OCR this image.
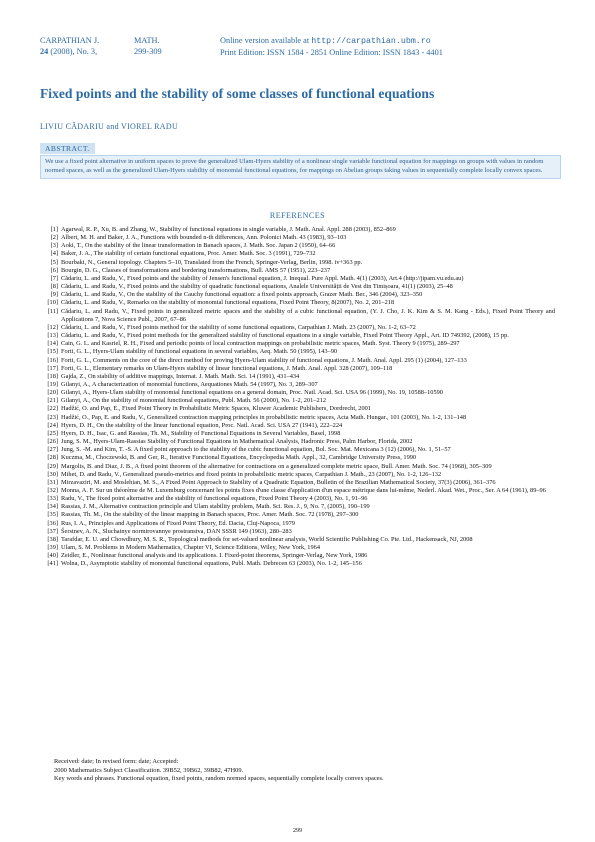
CARPATHIAN J.
24 (2008), No. 3,
MATH.
299-309
Online version available at http://carpathian.ubm.ro
Print Edition: ISSN 1584 - 2851 Online Edition: ISSN 1843 - 4401
Fixed points and the stability of some classes of functional equations
LIVIU CĂDARIU and VIOREL RADU
ABSTRACT.
We use a fixed point alternative in uniform spaces to prove the generalized Ulam-Hyers stability of a nonlinear single variable functional equation for mappings on groups with values in random normed spaces, as well as the generalized Ulam-Hyers stability of monomial functional equations, for mappings on Abelian groups taking values in sequentially complete locally convex spaces.
REFERENCES
[1] Agarwal, R. P., Xu, B. and Zhang, W., Stability of functional equations in single variable, J. Math. Anal. Appl. 288 (2003), 852–869
[2] Albert, M. H. and Baker, J. A., Functions with bounded n-th differences, Ann. Polonici Math. 43 (1983), 93–103
[3] Aoki, T., On the stability of the linear transformation in Banach spaces, J. Math. Soc. Japan 2 (1950), 64–66
[4] Baker, J. A., The stability of certain functional equations, Proc. Amer. Math. Soc. 3 (1991), 729–732
[5] Bourbaki, N., General topology. Chapters 5–10, Translated from the French, Springer-Verlag, Berlin, 1998. iv+363 pp.
[6] Bourgin, D. G., Classes of transformations and bordering transformations, Bull. AMS 57 (1951), 223–237
[7] Cădariu, L. and Radu, V., Fixed points and the stability of Jensen's functional equation, J. Inequal. Pure Appl. Math. 4(1) (2003), Art.4 (http://jipam.vu.edu.au)
[8] Cădariu, L. and Radu, V., Fixed points and the stability of quadratic functional equations, Analele Universității de Vest din Timișoara, 41(1) (2003), 25–48
[9] Cădariu, L. and Radu, V., On the stability of the Cauchy functional equation: a fixed points approach, Grazer Math. Ber., 346 (2004), 323–350
[10] Cădariu, L. and Radu, V., Remarks on the stability of monomial functional equations, Fixed Point Theory, 8(2007), No. 2, 201–218
[11] Cădariu, L. and Radu, V., Fixed points in generalized metric spaces and the stability of a cubic functional equation, (Y. J. Cho, J. K. Kim & S. M. Kang - Eds.), Fixed Point Theory and Applications 7, Nova Science Publ., 2007, 67–86
[12] Cădariu, L. and Radu, V., Fixed points method for the stability of some functional equations, Carpathian J. Math. 23 (2007), No. 1-2, 63–72
[13] Cădariu, L. and Radu, V., Fixed point methods for the generalized stability of functional equations in a single variable, Fixed Point Theory Appl., Art. ID 749392, (2008), 15 pp.
[14] Cain, G. L. and Kasriel, R. H., Fixed and periodic points of local contraction mappings on probabilistic metric spaces, Math. Syst. Theory 9 (1975), 289–297
[15] Forti, G. L., Hyers-Ulam stability of functional equations in several variables, Aeq. Math. 50 (1995), 143–90
[16] Forti, G. L., Comments on the core of the direct method for proving Hyers-Ulam stability of functional equations, J. Math. Anal. Appl. 295 (1) (2004), 127–133
[17] Forti, G. L., Elementary remarks on Ulam-Hyers stability of linear functional equations, J. Math. Anal. Appl. 328 (2007), 109–118
[18] Gajda, Z., On stability of additive mappings, Internat. J. Math. Math. Sci. 14 (1991), 431–434
[19] Gilanyi, A., A characterization of monomial functions, Aequationes Math. 54 (1997), No. 3, 289–307
[20] Gilanyi, A., Hyers-Ulam stability of monomial functional equations on a general domain, Proc. Natl. Acad. Sci. USA 96 (1999), No. 19, 10588–10590
[21] Gilanyi, A., On the stability of monomial functional equations, Publ. Math. 56 (2000), No. 1-2, 201–212
[22] Hadžić, O. and Pap, E., Fixed Point Theory in Probabilistic Metric Spaces, Kluwer Academic Publishers, Dordrecht, 2001
[23] Hadžić, O., Pap, E. and Radu, V., Generalized contraction mapping principles in probabilistic metric spaces, Acta Math. Hungar., 101 (2003), No. 1-2, 131–148
[24] Hyers, D. H., On the stability of the linear functional equation, Proc. Natl. Acad. Sci. USA 27 (1941), 222–224
[25] Hyers, D. H., Isac, G. and Rassias, Th. M., Stability of Functional Equations in Several Variables, Basel, 1998
[26] Jung, S. M., Hyers-Ulam-Rassias Stability of Functional Equations in Mathematical Analysis, Hadronic Press, Palm Harbor, Florida, 2002
[27] Jung, S. -M. and Kim, T. -S. A fixed point approach to the stability of the cubic functional equation, Bol. Soc. Mat. Mexicana 3 (12) (2006), No. 1, 51–57
[28] Kuczma, M., Choczewski, B. and Ger, R., Iterative Functional Equations, Encyclopedia Math. Appl., 32, Cambridge University Press, 1990
[29] Margolis, B. and Diaz, J. B., A fixed point theorem of the alternative for contractions on a generalized complete metric space, Bull. Amer. Math. Soc. 74 (1968), 305–309
[30] Mihet, D. and Radu, V., Generalized pseudo-metrics and fixed points in probabilistic metric spaces, Carpathian J. Math., 23 (2007), No. 1-2, 126–132
[31] Mirzavaziri, M. and Moslehian, M. S., A Fixed Point Approach to Stability of a Quadratic Equation, Bulletin of the Brazilian Mathematical Society, 37(3) (2006), 361–376
[32] Monna, A. F. Sur un théorème de M. Luxemburg concernant les points fixes d'une classe d'application d'un espace métrique dans lui-même, Nederl. Akad. Wet., Proc., Ser. A 64 (1961), 89–96
[33] Radu, V., The fixed point alternative and the stability of functional equations, Fixed Point Theory 4 (2003), No. 1, 91–96
[34] Rassias, J. M., Alternative contraction principle and Ulam stability problem, Math. Sci. Res. J., 9, No. 7, (2005), 190–199
[35] Rassias, Th. M., On the stability of the linear mapping in Banach spaces, Proc. Amer. Math. Soc. 72 (1978), 297–300
[36] Rus, I. A., Principles and Applications of Fixed Point Theory, Ed. Dacia, Cluj-Napoca, 1979
[37] Šerstnev, A. N., Sluchainye normirovannye prostranstva, DAN SSSR 149 (1963), 280–283
[38] Tarafdar, E. U. and Chowdhury, M. S. R., Topological methods for set-valued nonlinear analysis, World Scientific Publishing Co. Pte. Ltd., Hackensack, NJ, 2008
[39] Ulam, S. M. Problems in Modern Mathematics, Chapter VI, Science Editions, Wiley, New York, 1964
[40] Zeidler, E., Nonlinear functional analysis and its applications. I. Fixed-point theorems, Springer-Verlag, New York, 1986
[41] Wolna, D., Asymptotic stability of monomial functional equations, Publ. Math. Debrecen 63 (2003), No. 1-2, 145–156
Received: date; In revised form: date; Accepted:
2000 Mathematics Subject Classification. 39B52, 39B62, 39B82, 47H09.
Key words and phrases. Functional equation, fixed points, random normed spaces, sequentially complete locally convex spaces.
299
